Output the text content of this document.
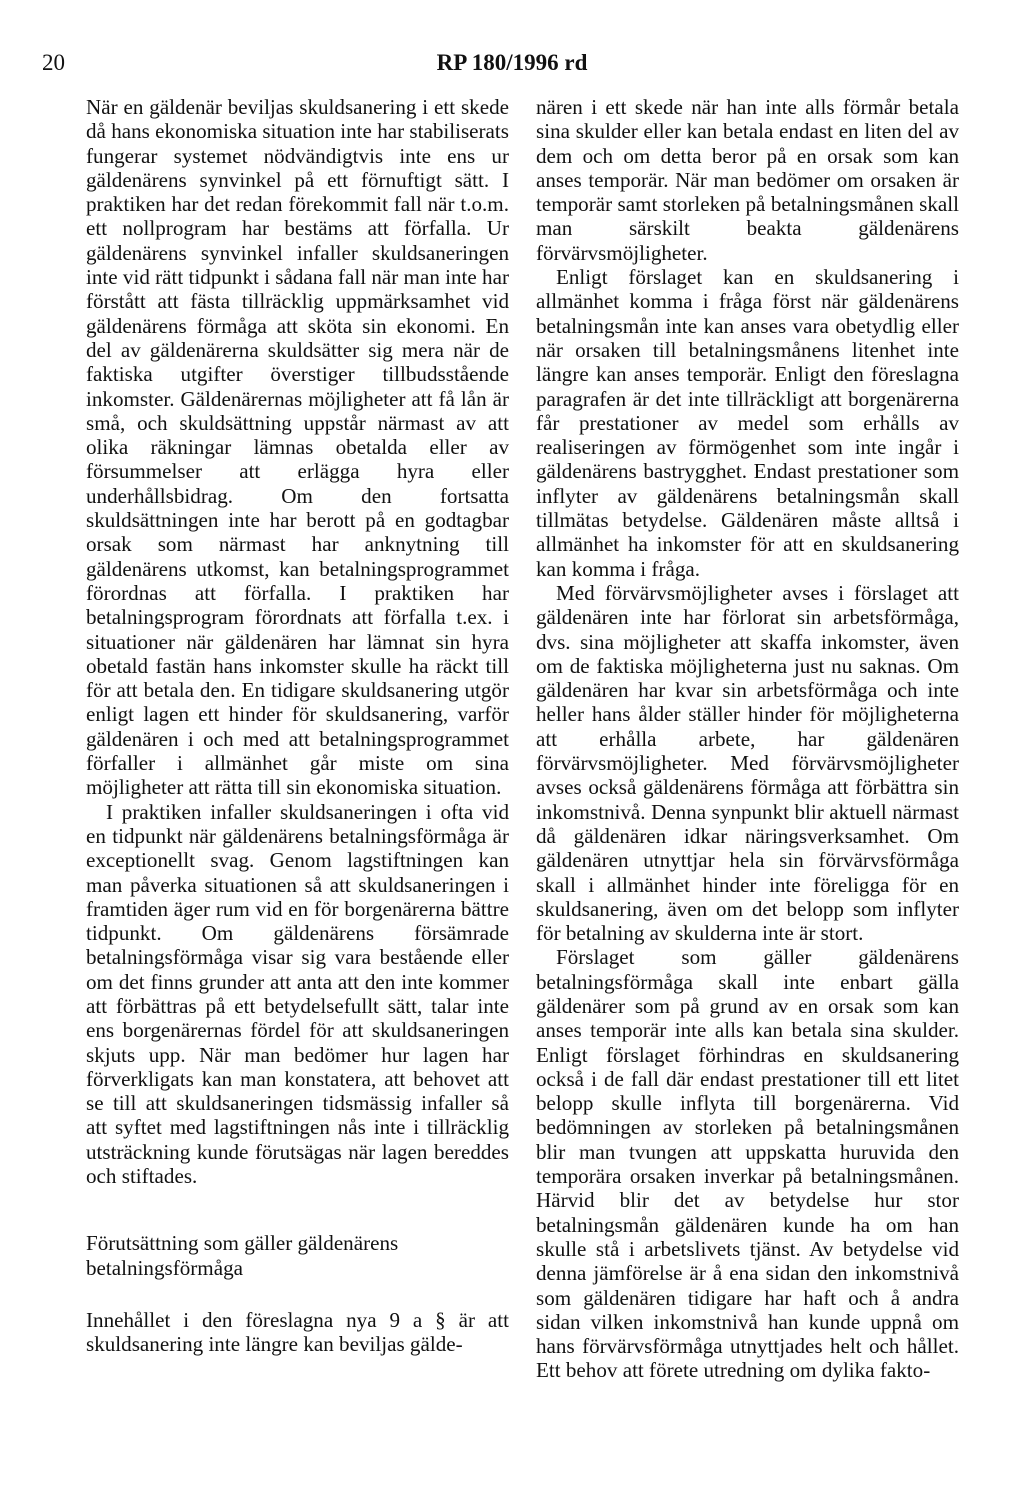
20	RP 180/1996 rd

När en gäldenär beviljas skuldsanering i ett skede då hans ekonomiska situation inte har stabiliserats fungerar systemet nödvändigtvis inte ens ur gäldenärens synvinkel på ett förnuftigt sätt. I praktiken har det redan förekommit fall när t.o.m. ett nollprogram har bestäms att förfalla. Ur gäldenärens synvinkel infaller skuldsaneringen inte vid rätt tidpunkt i sådana fall när man inte har förstått att fästa tillräcklig uppmärksamhet vid gäldenärens förmåga att sköta sin ekonomi. En del av gäldenärerna skuldsätter sig mera när de faktiska utgifter överstiger tillbudsstående inkomster. Gäldenärernas möjligheter att få lån är små, och skuldsättning uppstår närmast av att olika räkningar lämnas obetalda eller av försummelser att erlägga hyra eller underhållsbidrag. Om den fortsatta skuldsättningen inte har berott på en godtagbar orsak som närmast har anknytning till gäldenärens utkomst, kan betalningsprogrammet förordnas att förfalla. I praktiken har betalningsprogram förordnats att förfalla t.ex. i situationer när gäldenären har lämnat sin hyra obetald fastän hans inkomster skulle ha räckt till för att betala den. En tidigare skuldsanering utgör enligt lagen ett hinder för skuldsanering, varför gäldenären i och med att betalningsprogrammet förfaller i allmänhet går miste om sina möjligheter att rätta till sin ekonomiska situation.

I praktiken infaller skuldsaneringen i ofta vid en tidpunkt när gäldenärens betalningsförmåga är exceptionellt svag. Genom lagstiftningen kan man påverka situationen så att skuldsaneringen i framtiden äger rum vid en för borgenärerna bättre tidpunkt. Om gäldenärens försämrade betalningsförmåga visar sig vara bestående eller om det finns grunder att anta att den inte kommer att förbättras på ett betydelsefullt sätt, talar inte ens borgenärernas fördel för att skuldsaneringen skjuts upp. När man bedömer hur lagen har förverkligats kan man konstatera, att behovet att se till att skuldsaneringen tidsmässig infaller så att syftet med lagstiftningen nås inte i tillräcklig utsträckning kunde förutsägas när lagen bereddes och stiftades.

Förutsättning som gäller gäldenärens betalningsförmåga

Innehållet i den föreslagna nya 9 a § är att skuldsanering inte längre kan beviljas gälde-

nären i ett skede när han inte alls förmår betala sina skulder eller kan betala endast en liten del av dem och om detta beror på en orsak som kan anses temporär. När man bedömer om orsaken är temporär samt storleken på betalningsmånen skall man särskilt beakta gäldenärens förvärvsmöjligheter.

Enligt förslaget kan en skuldsanering i allmänhet komma i fråga först när gäldenärens betalningsmån inte kan anses vara obetydlig eller när orsaken till betalningsmånens litenhet inte längre kan anses temporär. Enligt den föreslagna paragrafen är det inte tillräckligt att borgenärerna får prestationer av medel som erhålls av realiseringen av förmögenhet som inte ingår i gäldenärens bastrygghet. Endast prestationer som inflyter av gäldenärens betalningsmån skall tillmätas betydelse. Gäldenären måste alltså i allmänhet ha inkomster för att en skuldsanering kan komma i fråga.

Med förvärvsmöjligheter avses i förslaget att gäldenären inte har förlorat sin arbetsförmåga, dvs. sina möjligheter att skaffa inkomster, även om de faktiska möjligheterna just nu saknas. Om gäldenären har kvar sin arbetsförmåga och inte heller hans ålder ställer hinder för möjligheterna att erhålla arbete, har gäldenären förvärvsmöjligheter. Med förvärvsmöjligheter avses också gäldenärens förmåga att förbättra sin inkomstnivå. Denna synpunkt blir aktuell närmast då gäldenären idkar näringsverksamhet. Om gäldenären utnyttjar hela sin förvärvsförmåga skall i allmänhet hinder inte föreligga för en skuldsanering, även om det belopp som inflyter för betalning av skulderna inte är stort.

Förslaget som gäller gäldenärens betalningsförmåga skall inte enbart gälla gäldenärer som på grund av en orsak som kan anses temporär inte alls kan betala sina skulder. Enligt förslaget förhindras en skuldsanering också i de fall där endast prestationer till ett litet belopp skulle inflyta till borgenärerna. Vid bedömningen av storleken på betalningsmånen blir man tvungen att uppskatta huruvida den temporära orsaken inverkar på betalningsmånen. Härvid blir det av betydelse hur stor betalningsmån gäldenären kunde ha om han skulle stå i arbetslivets tjänst. Av betydelse vid denna jämförelse är å ena sidan den inkomstnivå som gäldenären tidigare har haft och å andra sidan vilken inkomstnivå han kunde uppnå om hans förvärvsförmåga utnyttjades helt och hållet. Ett behov att förete utredning om dylika fakto-
